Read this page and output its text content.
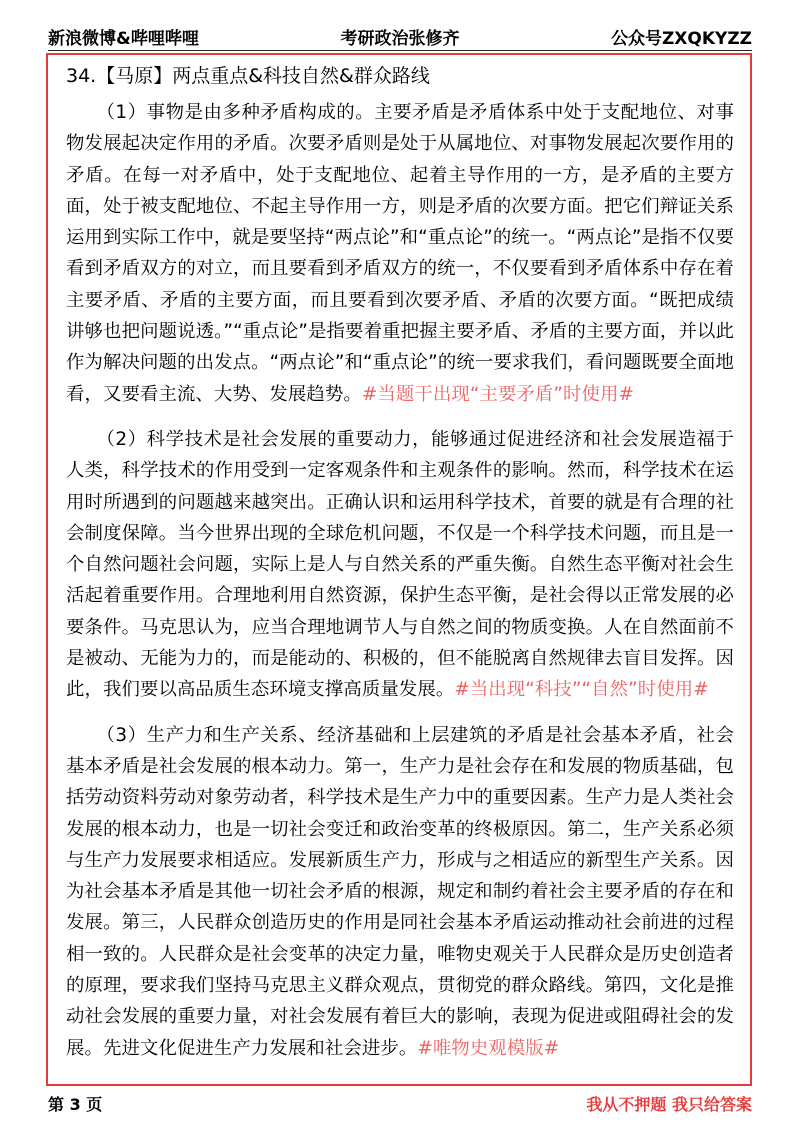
新浪微博&哔哩哔哩	考研政治张修齐	公众号ZXQKYZZ
34.【马原】两点重点&科技自然&群众路线

（1）事物是由多种矛盾构成的。主要矛盾是矛盾体系中处于支配地位、对事物发展起决定作用的矛盾。次要矛盾则是处于从属地位、对事物发展起次要作用的矛盾。在每一对矛盾中，处于支配地位、起着主导作用的一方，是矛盾的主要方面，处于被支配地位、不起主导作用一方，则是矛盾的次要方面。把它们辩证关系运用到实际工作中，就是要坚持“两点论”和“重点论”的统一。“两点论”是指不仅要看到矛盾双方的对立，而且要看到矛盾双方的统一，不仅要看到矛盾体系中存在着主要矛盾、矛盾的主要方面，而且要看到次要矛盾、矛盾的次要方面。“既把成绩讲够也把问题说透。”“重点论”是指要着重把握主要矛盾、矛盾的主要方面，并以此作为解决问题的出发点。“两点论”和“重点论”的统一要求我们，看问题既要全面地看，又要看主流、大势、发展趋势。#当题干出现“主要矛盾”时使用#

（2）科学技术是社会发展的重要动力，能够通过促进经济和社会发展造福于人类，科学技术的作用受到一定客观条件和主观条件的影响。然而，科学技术在运用时所遇到的问题越来越突出。正确认识和运用科学技术，首要的就是有合理的社会制度保障。当今世界出现的全球危机问题，不仅是一个科学技术问题，而且是一个自然问题社会问题，实际上是人与自然关系的严重失衡。自然生态平衡对社会生活起着重要作用。合理地利用自然资源，保护生态平衡，是社会得以正常发展的必要条件。马克思认为，应当合理地调节人与自然之间的物质变换。人在自然面前不是被动、无能为力的，而是能动的、积极的，但不能脱离自然规律去盲目发挥。因此，我们要以高品质生态环境支撑高质量发展。#当出现“科技”“自然”时使用#

（3）生产力和生产关系、经济基础和上层建筑的矛盾是社会基本矛盾，社会基本矛盾是社会发展的根本动力。第一，生产力是社会存在和发展的物质基础，包括劳动资料劳动对象劳动者，科学技术是生产力中的重要因素。生产力是人类社会发展的根本动力，也是一切社会变迁和政治变革的终极原因。第二，生产关系必须与生产力发展要求相适应。发展新质生产力，形成与之相适应的新型生产关系。因为社会基本矛盾是其他一切社会矛盾的根源，规定和制约着社会主要矛盾的存在和发展。第三，人民群众创造历史的作用是同社会基本矛盾运动推动社会前进的过程相一致的。人民群众是社会变革的决定力量，唯物史观关于人民群众是历史创造者的原理，要求我们坚持马克思主义群众观点，贯彻党的群众路线。第四，文化是推动社会发展的重要力量，对社会发展有着巨大的影响，表现为促进或阻碍社会的发展。先进文化促进生产力发展和社会进步。#唯物史观模版#

第 3 页	我从不押题 我只给答案
